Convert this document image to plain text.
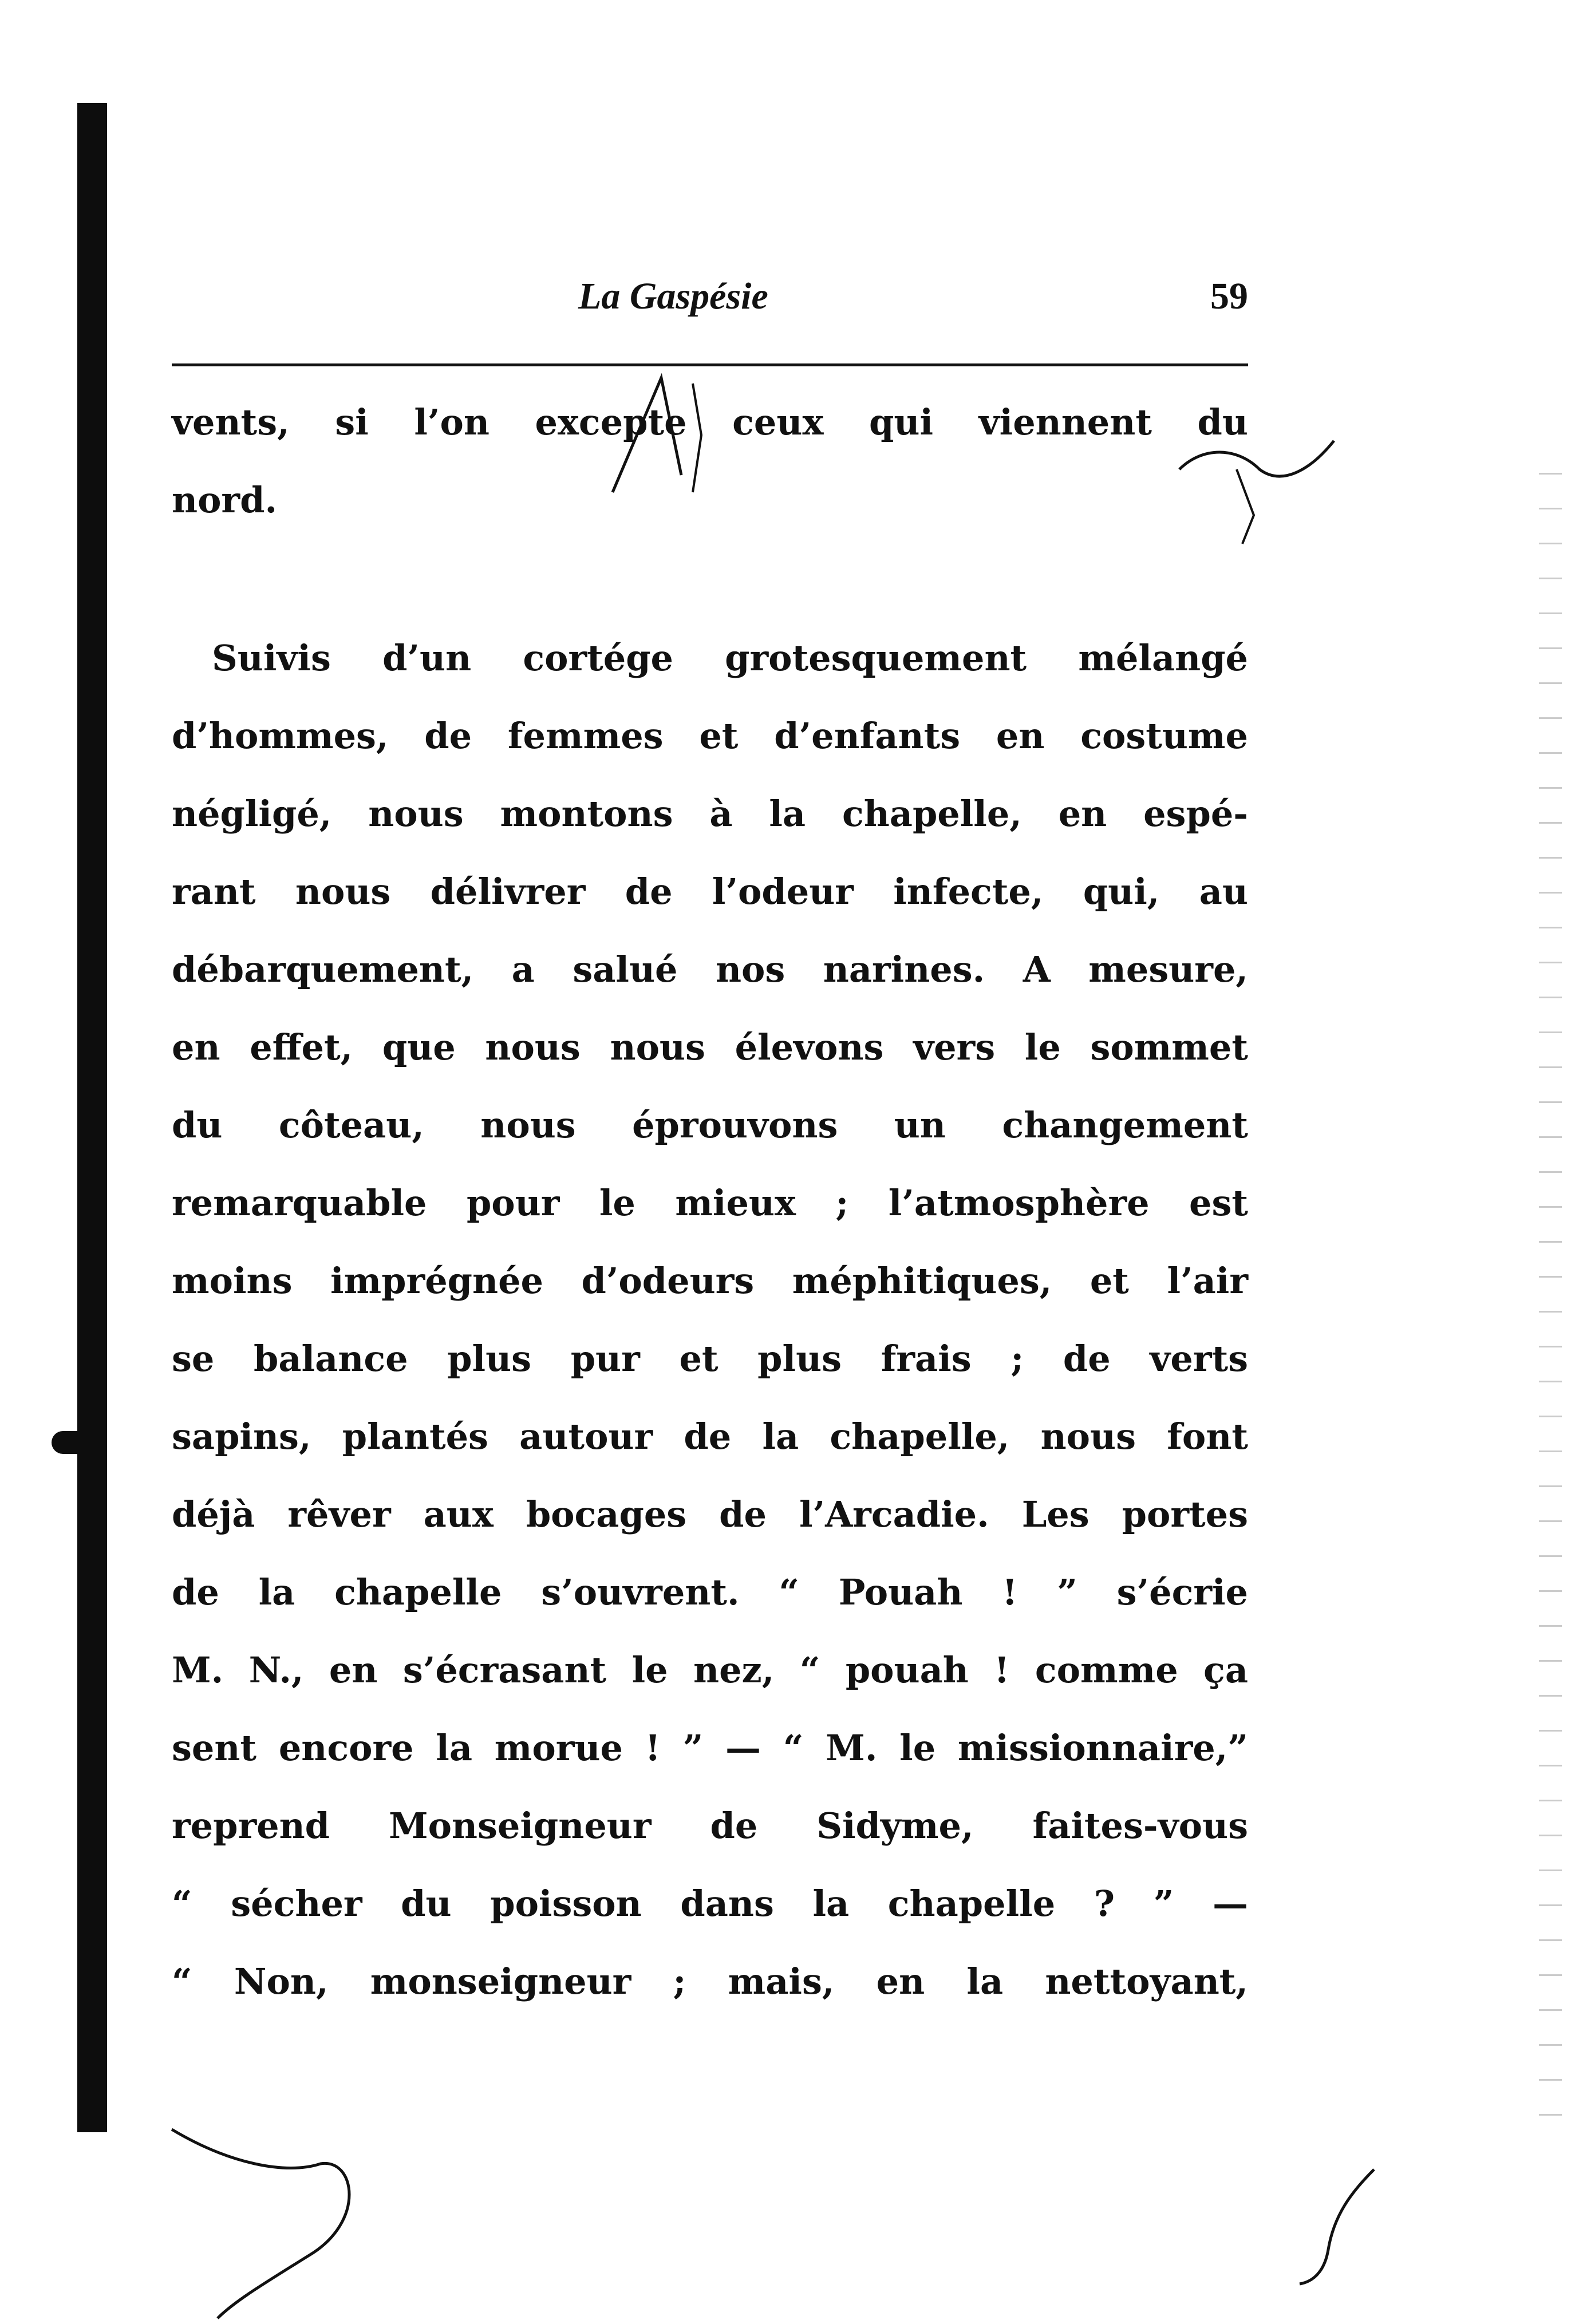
La Gaspésie	59
vents, si l’on excepte ceux qui viennent du
nord.
Suivis d’un cortége grotesquement mélangé
d’hommes, de femmes et d’enfants en costume
négligé, nous montons à la chapelle, en espé-
rant nous délivrer de l’odeur infecte, qui, au
débarquement, a salué nos narines. A mesure,
en effet, que nous nous élevons vers le sommet
du côteau, nous éprouvons un changement
remarquable pour le mieux ; l’atmosphère est
moins imprégnée d’odeurs méphitiques, et l’air
se balance plus pur et plus frais ; de verts
sapins, plantés autour de la chapelle, nous font
déjà rêver aux bocages de l’Arcadie. Les portes
de la chapelle s’ouvrent. “ Pouah ! ” s’écrie
M. N., en s’écrasant le nez, “ pouah ! comme ça
sent encore la morue ! ” — “ M. le missionnaire,”
reprend Monseigneur de Sidyme, faites-vous
“ sécher du poisson dans la chapelle ? ” —
“ Non, monseigneur ; mais, en la nettoyant,
